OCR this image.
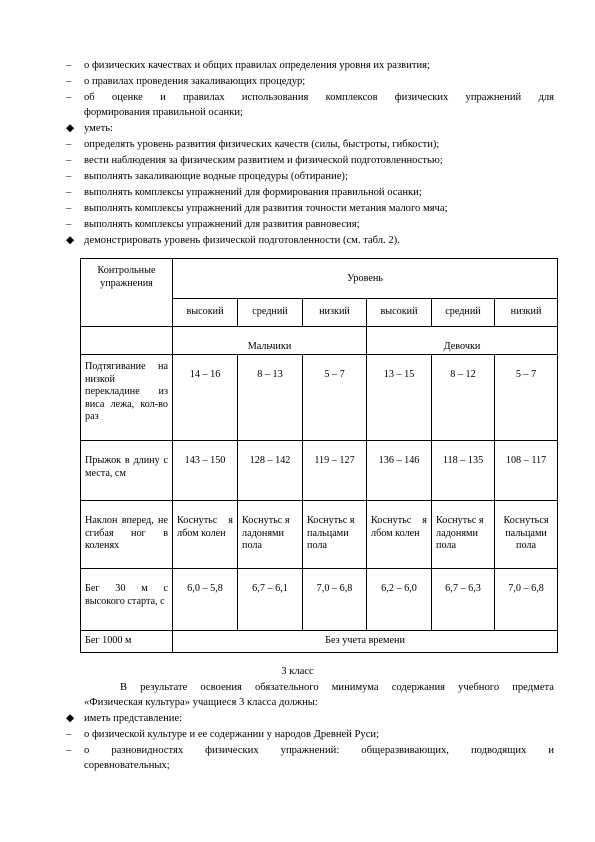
– о физических качествах и общих правилах определения уровня их развития;
– о правилах проведения закаливающих процедур;
– об оценке и правилах использования комплексов физических упражнений для
формирования правильной осанки;
◆ уметь:
– определять уровень развития физических качеств (силы, быстроты, гибкости);
– вести наблюдения за физическим развитием и физической подготовленностью;
– выполнять закаливающие водные процедуры (обтирание);
– выполнять комплексы упражнений для формирования правильной осанки;
– выполнять комплексы упражнений для развития точности метания малого мяча;
– выполнять комплексы упражнений для развития равновесия;
◆ демонстрировать уровень физической подготовленности (см. табл. 2).
Контрольные упражнения	Уровень					
	высокий	средний	низкий	высокий	средний	низкий
	Мальчики			Девочки		
Подтягивание на низкой перекладине из виса лежа, кол-во раз	14 – 16	8 – 13	5 – 7	13 – 15	8 – 12	5 – 7
Прыжок в длину с места, см	143 – 150	128 – 142	119 – 127	136 – 146	118 – 135	108 – 117
Наклон вперед, не сгибая ног в коленях	Коснутьс я лбом колен	Коснутьс я ладонями пола	Коснутьс я пальцами пола	Коснутьс я лбом колен	Коснутьс я ладонями пола	Коснуться пальцами пола
Бег 30 м с высокого старта, с	6,0 – 5,8	6,7 – 6,1	7,0 – 6,8	6,2 – 6,0	6,7 – 6,3	7,0 – 6,8
Бег 1000 м	Без учета времени					
3 класс
В результате освоения обязательного минимума содержания учебного предмета
«Физическая культура» учащиеся 3 класса должны:
◆ иметь представление:
– о физической культуре и ее содержании у народов Древней Руси;
– о разновидностях физических упражнений: общеразвивающих, подводящих и
соревновательных;
